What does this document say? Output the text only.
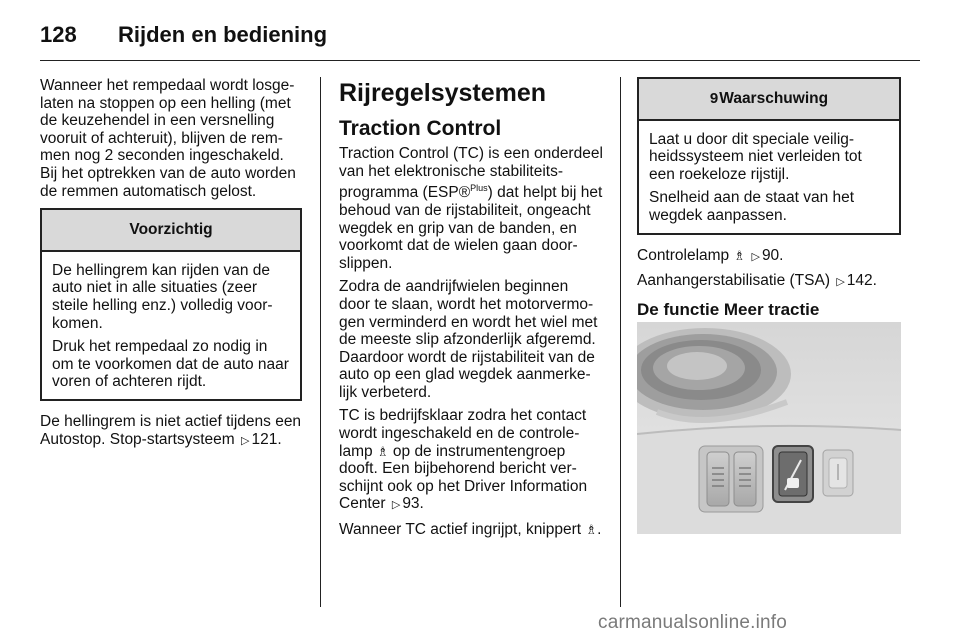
128 Rijden en bediening

Wanneer het rempedaal wordt losgelaten na stoppen op een helling (met de keuzehendel in een versnelling vooruit of achteruit), blijven de remmen nog 2 seconden ingeschakeld. Bij het optrekken van de auto worden de remmen automatisch gelost.

Voorzichtig

De hellingrem kan rijden van de auto niet in alle situaties (zeer steile helling enz.) volledig voorkomen.

Druk het rempedaal zo nodig in om te voorkomen dat de auto naar voren of achteren rijdt.

De hellingrem is niet actief tijdens een Autostop. Stop-startsysteem ▷ 121.

Rijregelsystemen
Traction Control

Traction Control (TC) is een onderdeel van het elektronische stabiliteitsprogramma (ESP®$^{Plus}$) dat helpt bij het behoud van de rijstabiliteit, ongeacht wegdek en grip van de banden, en voorkomt dat de wielen gaan doorslippen.

Zodra de aandrijfwielen beginnen door te slaan, wordt het motorvermogen verminderd en wordt het wiel met de meeste slip afzonderlijk afgeremd. Daardoor wordt de rijstabiliteit van de auto op een glad wegdek aanmerkelijk verbeterd.

TC is bedrijfsklaar zodra het contact wordt ingeschakeld en de controlelamp ♗ op de instrumentengroep dooft. Een bijbehorend bericht verschijnt ook op het Driver Information Center ▷ 93.

Wanneer TC actief ingrijpt, knippert ♗.

9Waarschuwing

Laat u door dit speciale veiligheidssysteem niet verleiden tot een roekeloze rijstijl.

Snelheid aan de staat van het wegdek aanpassen.

Controlelamp ♗ ▷ 90.

Aanhangerstabilisatie (TSA) ▷ 142.

De functie Meer tractie
carmanualsonline.info
